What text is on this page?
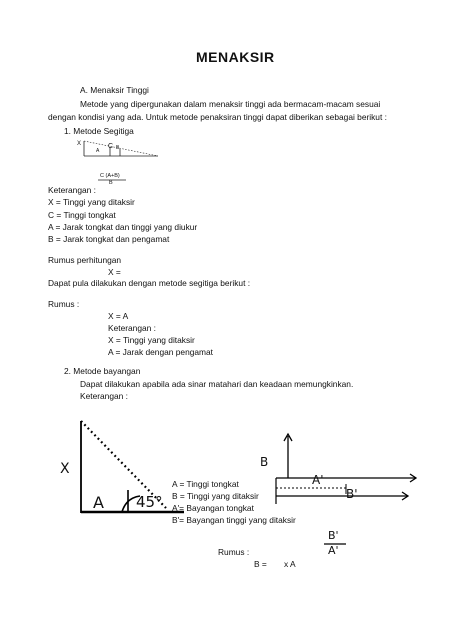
MENAKSIR
A. Menaksir Tinggi
Metode yang dipergunakan dalam menaksir tinggi ada bermacam-macam sesuai
dengan kondisi yang ada. Untuk metode penaksiran tinggi dapat diberikan sebagai berikut :
1. Metode Segitiga
X
A
C B
C (A+B)
B
Keterangan :
X = Tinggi yang ditaksir
C = Tinggi tongkat
A = Jarak tongkat dan tinggi yang diukur
B = Jarak tongkat dan pengamat
Rumus perhitungan
X =
Dapat pula dilakukan dengan metode segitiga berikut :
Rumus :
X = A
Keterangan :
X = Tinggi yang ditaksir
A = Jarak dengan pengamat
2. Metode bayangan
Dapat dilakukan apabila ada sinar matahari dan keadaan memungkinkan.
Keterangan :
X
A 45°
B
A'
B'
A = Tinggi tongkat
B = Tinggi yang ditaksir
A'= Bayangan tongkat
B'= Bayangan tinggi yang ditaksir
B'
A'
Rumus :
B = x A
